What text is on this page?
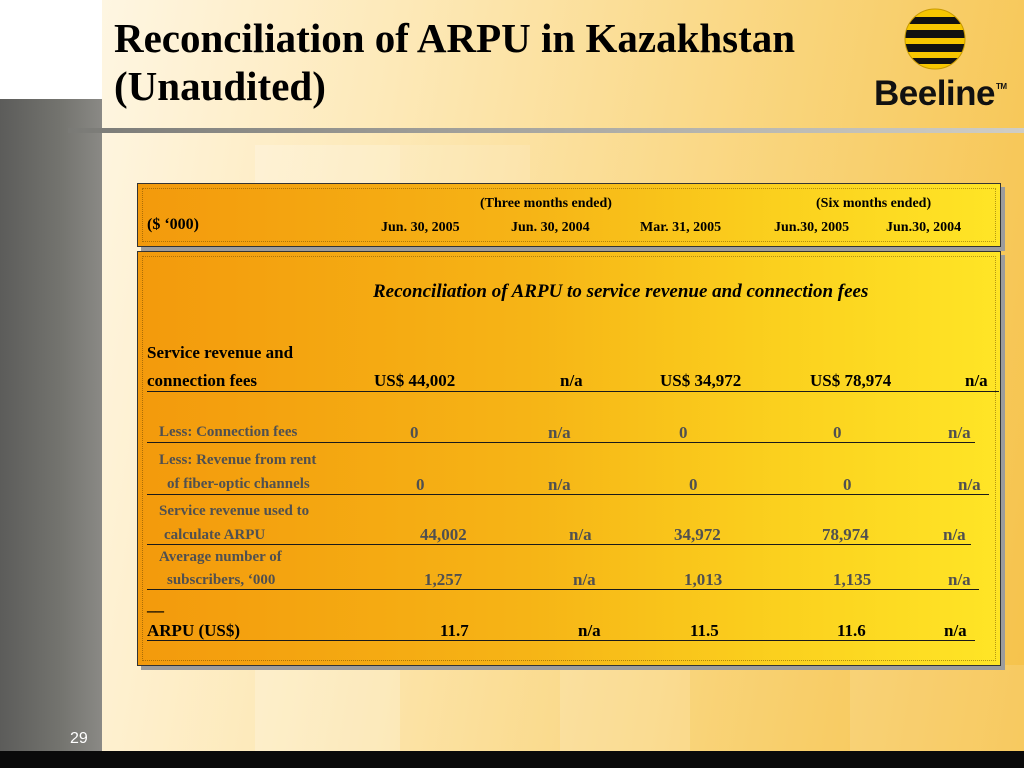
Reconciliation of ARPU in Kazakhstan
(Unaudited)	Beeline™
(Three months ended)	(Six months ended)
($ ‘000)	Jun. 30, 2005	Jun. 30, 2004	Mar. 31, 2005	Jun.30, 2005	Jun.30, 2004
Reconciliation of ARPU to service revenue and connection fees
Service revenue and
connection fees	US$ 44,002	n/a	US$ 34,972	US$ 78,974	n/a
Less: Connection fees	0	n/a	0	0	n/a
Less: Revenue from rent
of fiber-optic channels	0	n/a	0	0	n/a
Service revenue used to
calculate ARPU	44,002	n/a	34,972	78,974	n/a
Average number of
subscribers, ‘000	1,257	n/a	1,013	1,135	n/a
__
ARPU (US$)	11.7	n/a	11.5	11.6	n/a
29
